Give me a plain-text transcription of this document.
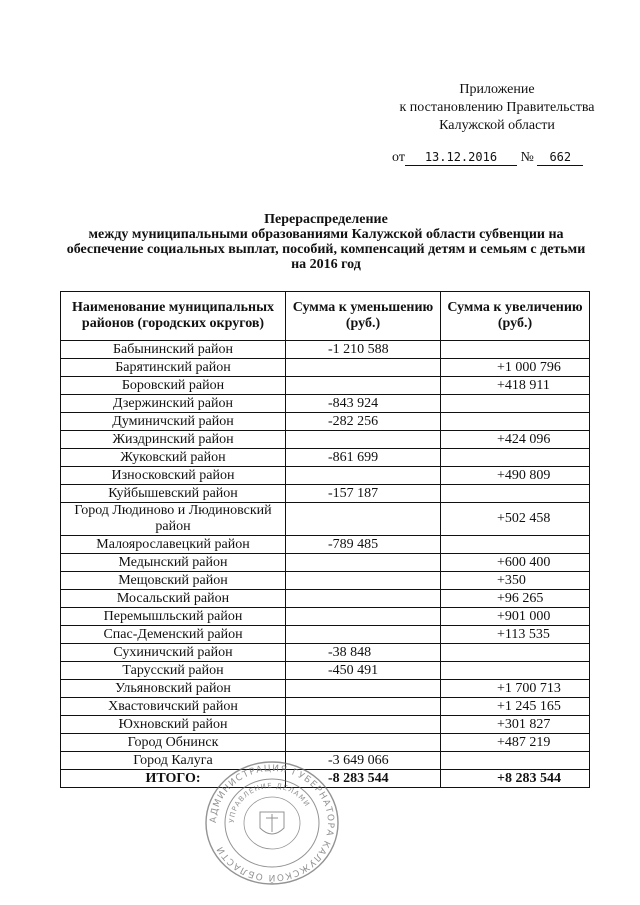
Приложение
к постановлению Правительства
Калужской области
от 13.12.2016 № 662
Перераспределение
между муниципальными образованиями Калужской области субвенции на
обеспечение социальных выплат, пособий, компенсаций детям и семьям с детьми
на 2016 год
Наименование муниципальных районов (городских округов)	Сумма к уменьшению (руб.)	Сумма к увеличению (руб.)
Бабынинский район	-1 210 588	
Барятинский район		+1 000 796
Боровский район		+418 911
Дзержинский район	-843 924	
Думиничский район	-282 256	
Жиздринский район		+424 096
Жуковский район	-861 699	
Износковский район		+490 809
Куйбышевский район	-157 187	
Город Людиново и Людиновский район		+502 458
Малоярославецкий район	-789 485	
Медынский район		+600 400
Мещовский район		+350
Мосальский район		+96 265
Перемышльский район		+901 000
Спас-Деменский район		+113 535
Сухиничский район	-38 848	
Тарусский район	-450 491	
Ульяновский район		+1 700 713
Хвастовичский район		+1 245 165
Юхновский район		+301 827
Город Обнинск		+487 219
Город Калуга	-3 649 066	
ИТОГО:	-8 283 544	+8 283 544
АДМИНИСТРАЦИЯ ГУБЕРНАТОРА КАЛУЖСКОЙ ОБЛАСТИ
УПРАВЛЕНИЕ ДЕЛАМИ
